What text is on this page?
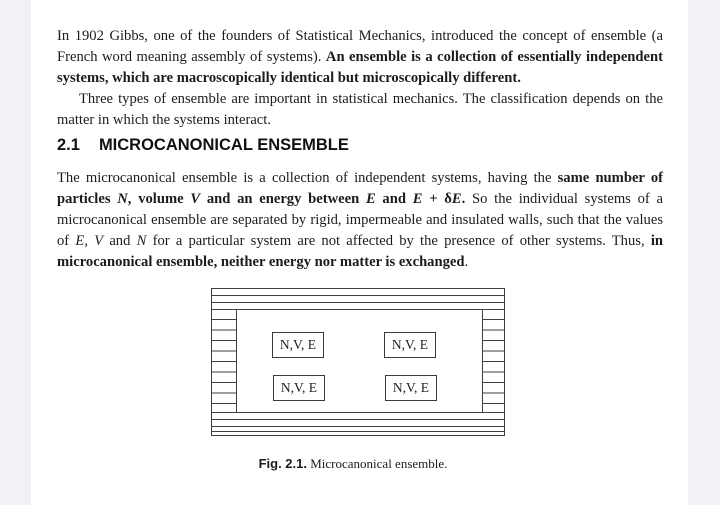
In 1902 Gibbs, one of the founders of Statistical Mechanics, introduced the concept of ensemble (a French word meaning assembly of systems). An ensemble is a collection of essentially independent systems, which are macroscopically identical but microscopically different.

Three types of ensemble are important in statistical mechanics. The classification depends on the matter in which the systems interact.

2.1 MICROCANONICAL ENSEMBLE

The microcanonical ensemble is a collection of independent systems, having the same number of particles N, volume V and an energy between E and E + δE. So the individual systems of a microcanonical ensemble are separated by rigid, impermeable and insulated walls, such that the values of E, V and N for a particular system are not affected by the presence of other systems. Thus, in microcanonical ensemble, neither energy nor matter is exchanged.

N,V, E	N,V, E
N,V, E	N,V, E
Fig. 2.1. Microcanonical ensemble.
